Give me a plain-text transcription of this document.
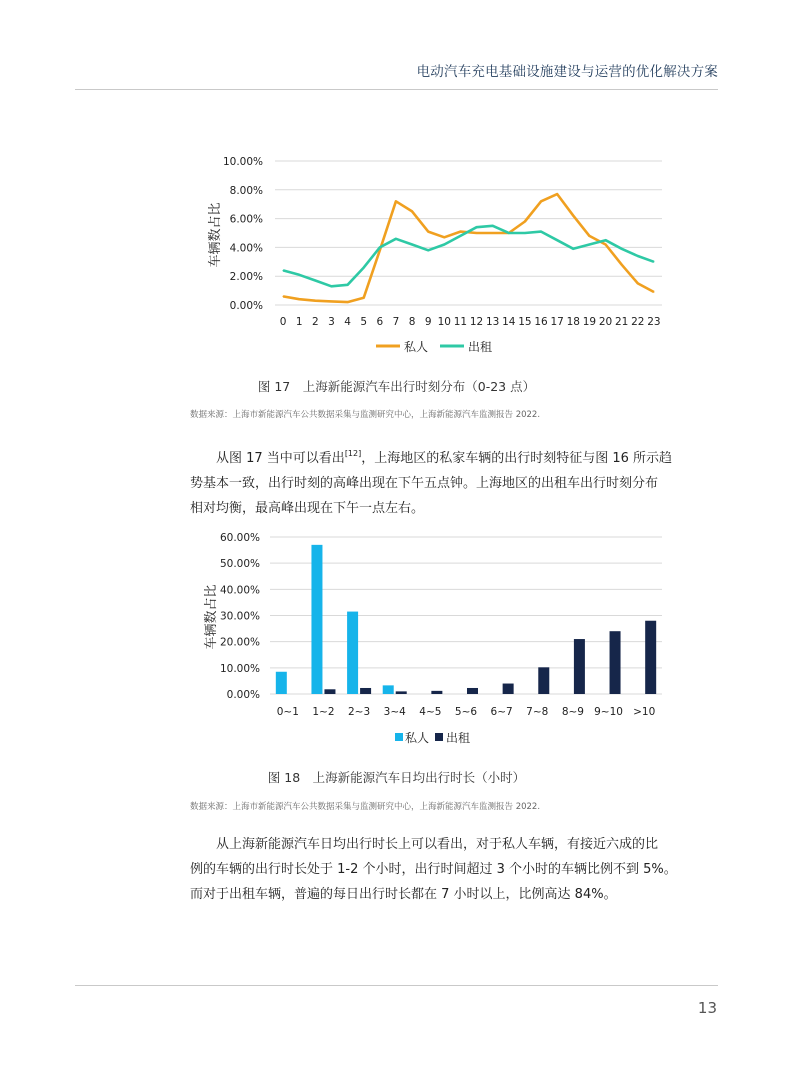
电动汽车充电基础设施建设与运营的优化解决方案
0.00%
2.00%
4.00%
6.00%
8.00%
10.00%
0 1 2 3 4 5 6 7 8 9 10 11 12 13 14 15 16 17 18 19 20 21 22 23
车辆数占比
私人	出租
图 17　上海新能源汽车出行时刻分布（0-23 点）
数据来源：上海市新能源汽车公共数据采集与监测研究中心，上海新能源汽车监测报告 2022.

从图 17 当中可以看出[12]，上海地区的私家车辆的出行时刻特征与图 16 所示趋
势基本一致，出行时刻的高峰出现在下午五点钟。上海地区的出租车出行时刻分布
相对均衡，最高峰出现在下午一点左右。

0.00%
10.00%
20.00%
30.00%
40.00%
50.00%
60.00%
0~1 1~2 2~3 3~4 4~5 5~6 6~7 7~8 8~9 9~10 >10
车辆数占比
私人 出租
图 18　上海新能源汽车日均出行时长（小时）
数据来源：上海市新能源汽车公共数据采集与监测研究中心，上海新能源汽车监测报告 2022.

从上海新能源汽车日均出行时长上可以看出，对于私人车辆，有接近六成的比
例的车辆的出行时长处于 1-2 个小时，出行时间超过 3 个小时的车辆比例不到 5%。
而对于出租车辆，普遍的每日出行时长都在 7 小时以上，比例高达 84%。

13
